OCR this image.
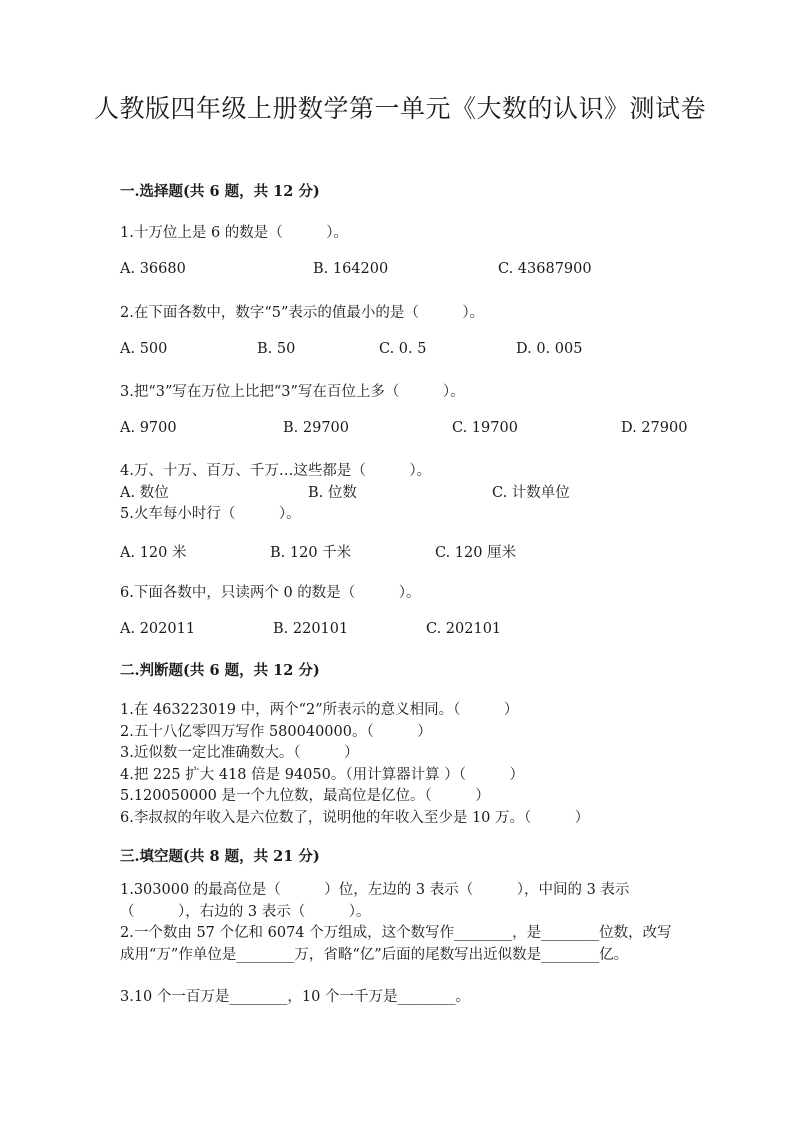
人教版四年级上册数学第一单元《大数的认识》测试卷
一.选择题(共 6 题，共 12 分)
1.十万位上是 6 的数是（　　　）。
A. 36680	B. 164200	C. 43687900
2.在下面各数中，数字“5”表示的值最小的是（　　　）。
A. 500	B. 50	C. 0. 5	D. 0. 005
3.把“3”写在万位上比把“3”写在百位上多（　　　）。
A. 9700	B. 29700	C. 19700	D. 27900
4.万、十万、百万、千万…这些都是（　　　）。
A. 数位	B. 位数	C. 计数单位
5.火车每小时行（　　　）。
A. 120 米	B. 120 千米	C. 120 厘米
6.下面各数中，只读两个 0 的数是（　　　）。
A. 202011	B. 220101	C. 202101
二.判断题(共 6 题，共 12 分)
1.在 463223019 中，两个“2”所表示的意义相同。（　　　）
2.五十八亿零四万写作 580040000。（　　　）
3.近似数一定比准确数大。（　　　）
4.把 225 扩大 418 倍是 94050。（用计算器计算 ）（　　　）
5.120050000 是一个九位数，最高位是亿位。（　　　）
6.李叔叔的年收入是六位数了，说明他的年收入至少是 10 万。（　　　）
三.填空题(共 8 题，共 21 分)
1.303000 的最高位是（　　　）位，左边的 3 表示（　　　），中间的 3 表示（　　　），右边的 3 表示（　　　）。
2.一个数由 57 个亿和 6074 个万组成，这个数写作________，是________位数，改写成用“万”作单位是________万，省略“亿”后面的尾数写出近似数是________亿。
3.10 个一百万是________，10 个一千万是________。
